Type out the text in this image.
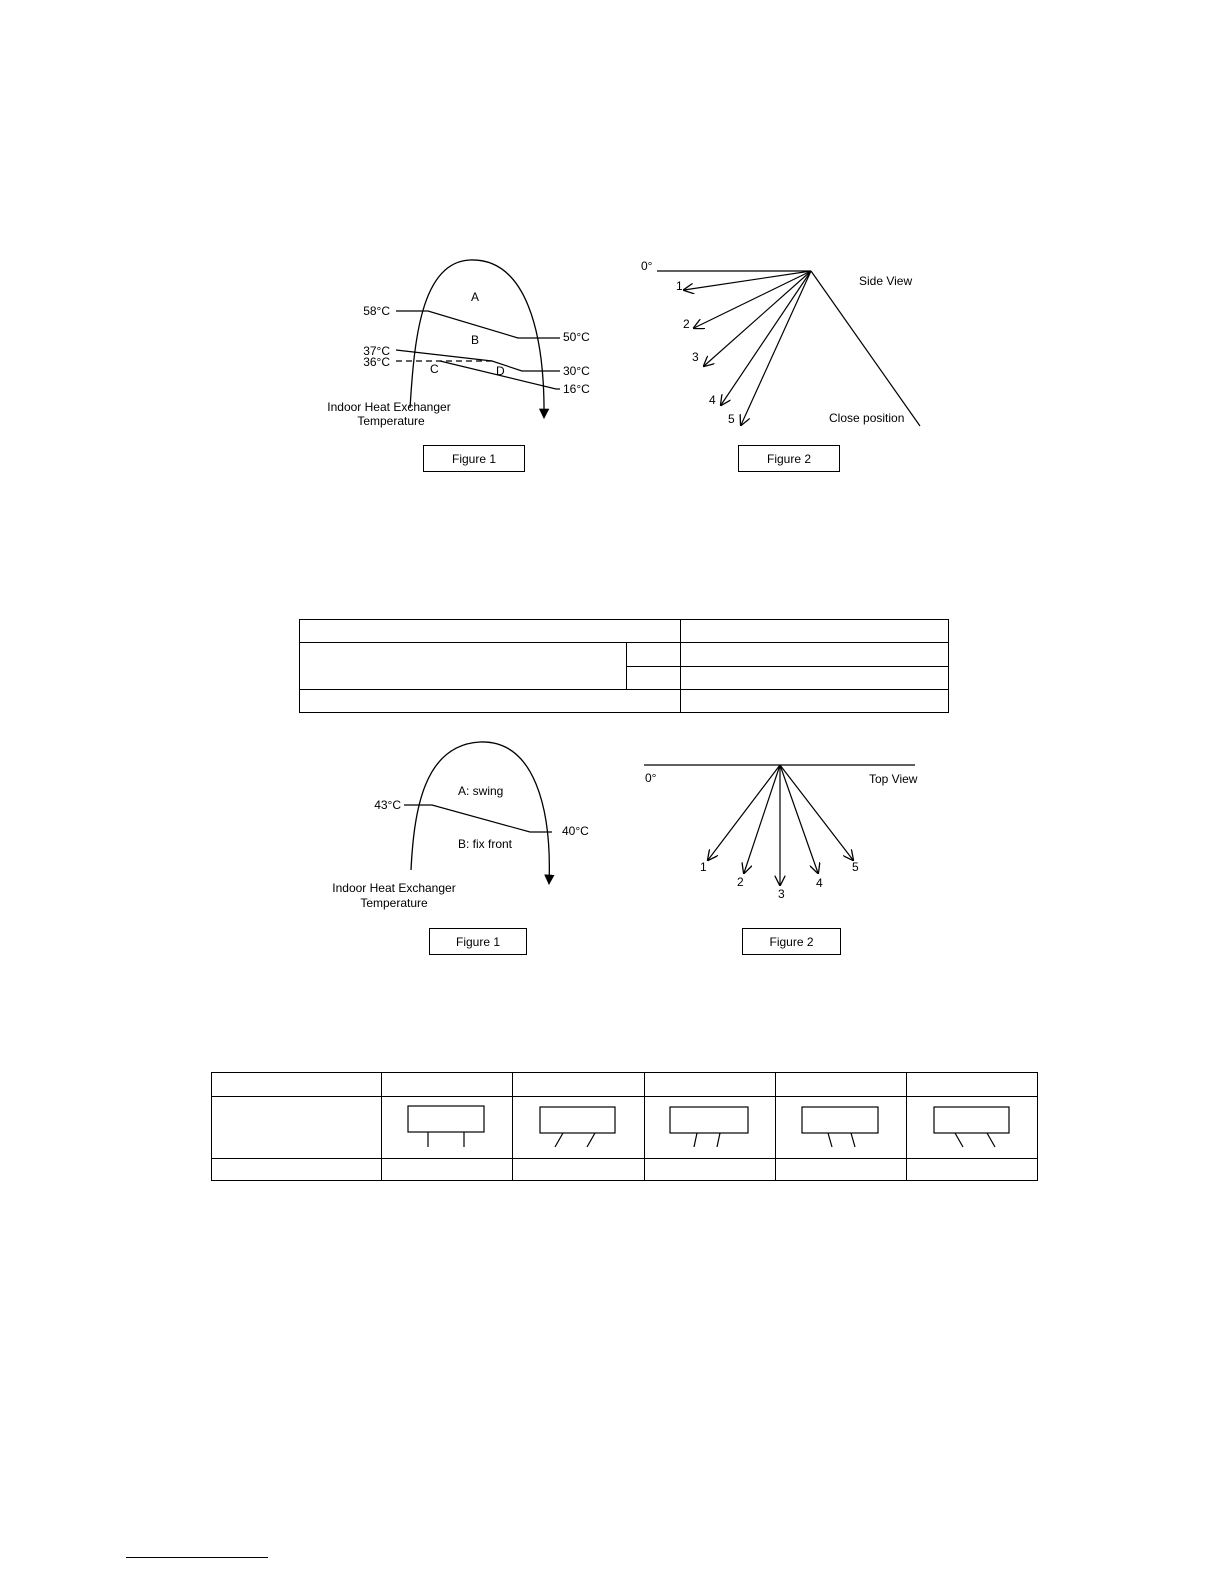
A
B
C	D
58°C
37°C
36°C
50°C
30°C
16°C
Indoor Heat Exchanger
Temperature
Figure 1
0°
Side View
Close position
1
2
3
4
5
Figure 2

A: swing
B: fix front
43°C
40°C
Indoor Heat Exchanger
Temperature
Figure 1
0°	Top View
1
2
3
4
5
Figure 2
